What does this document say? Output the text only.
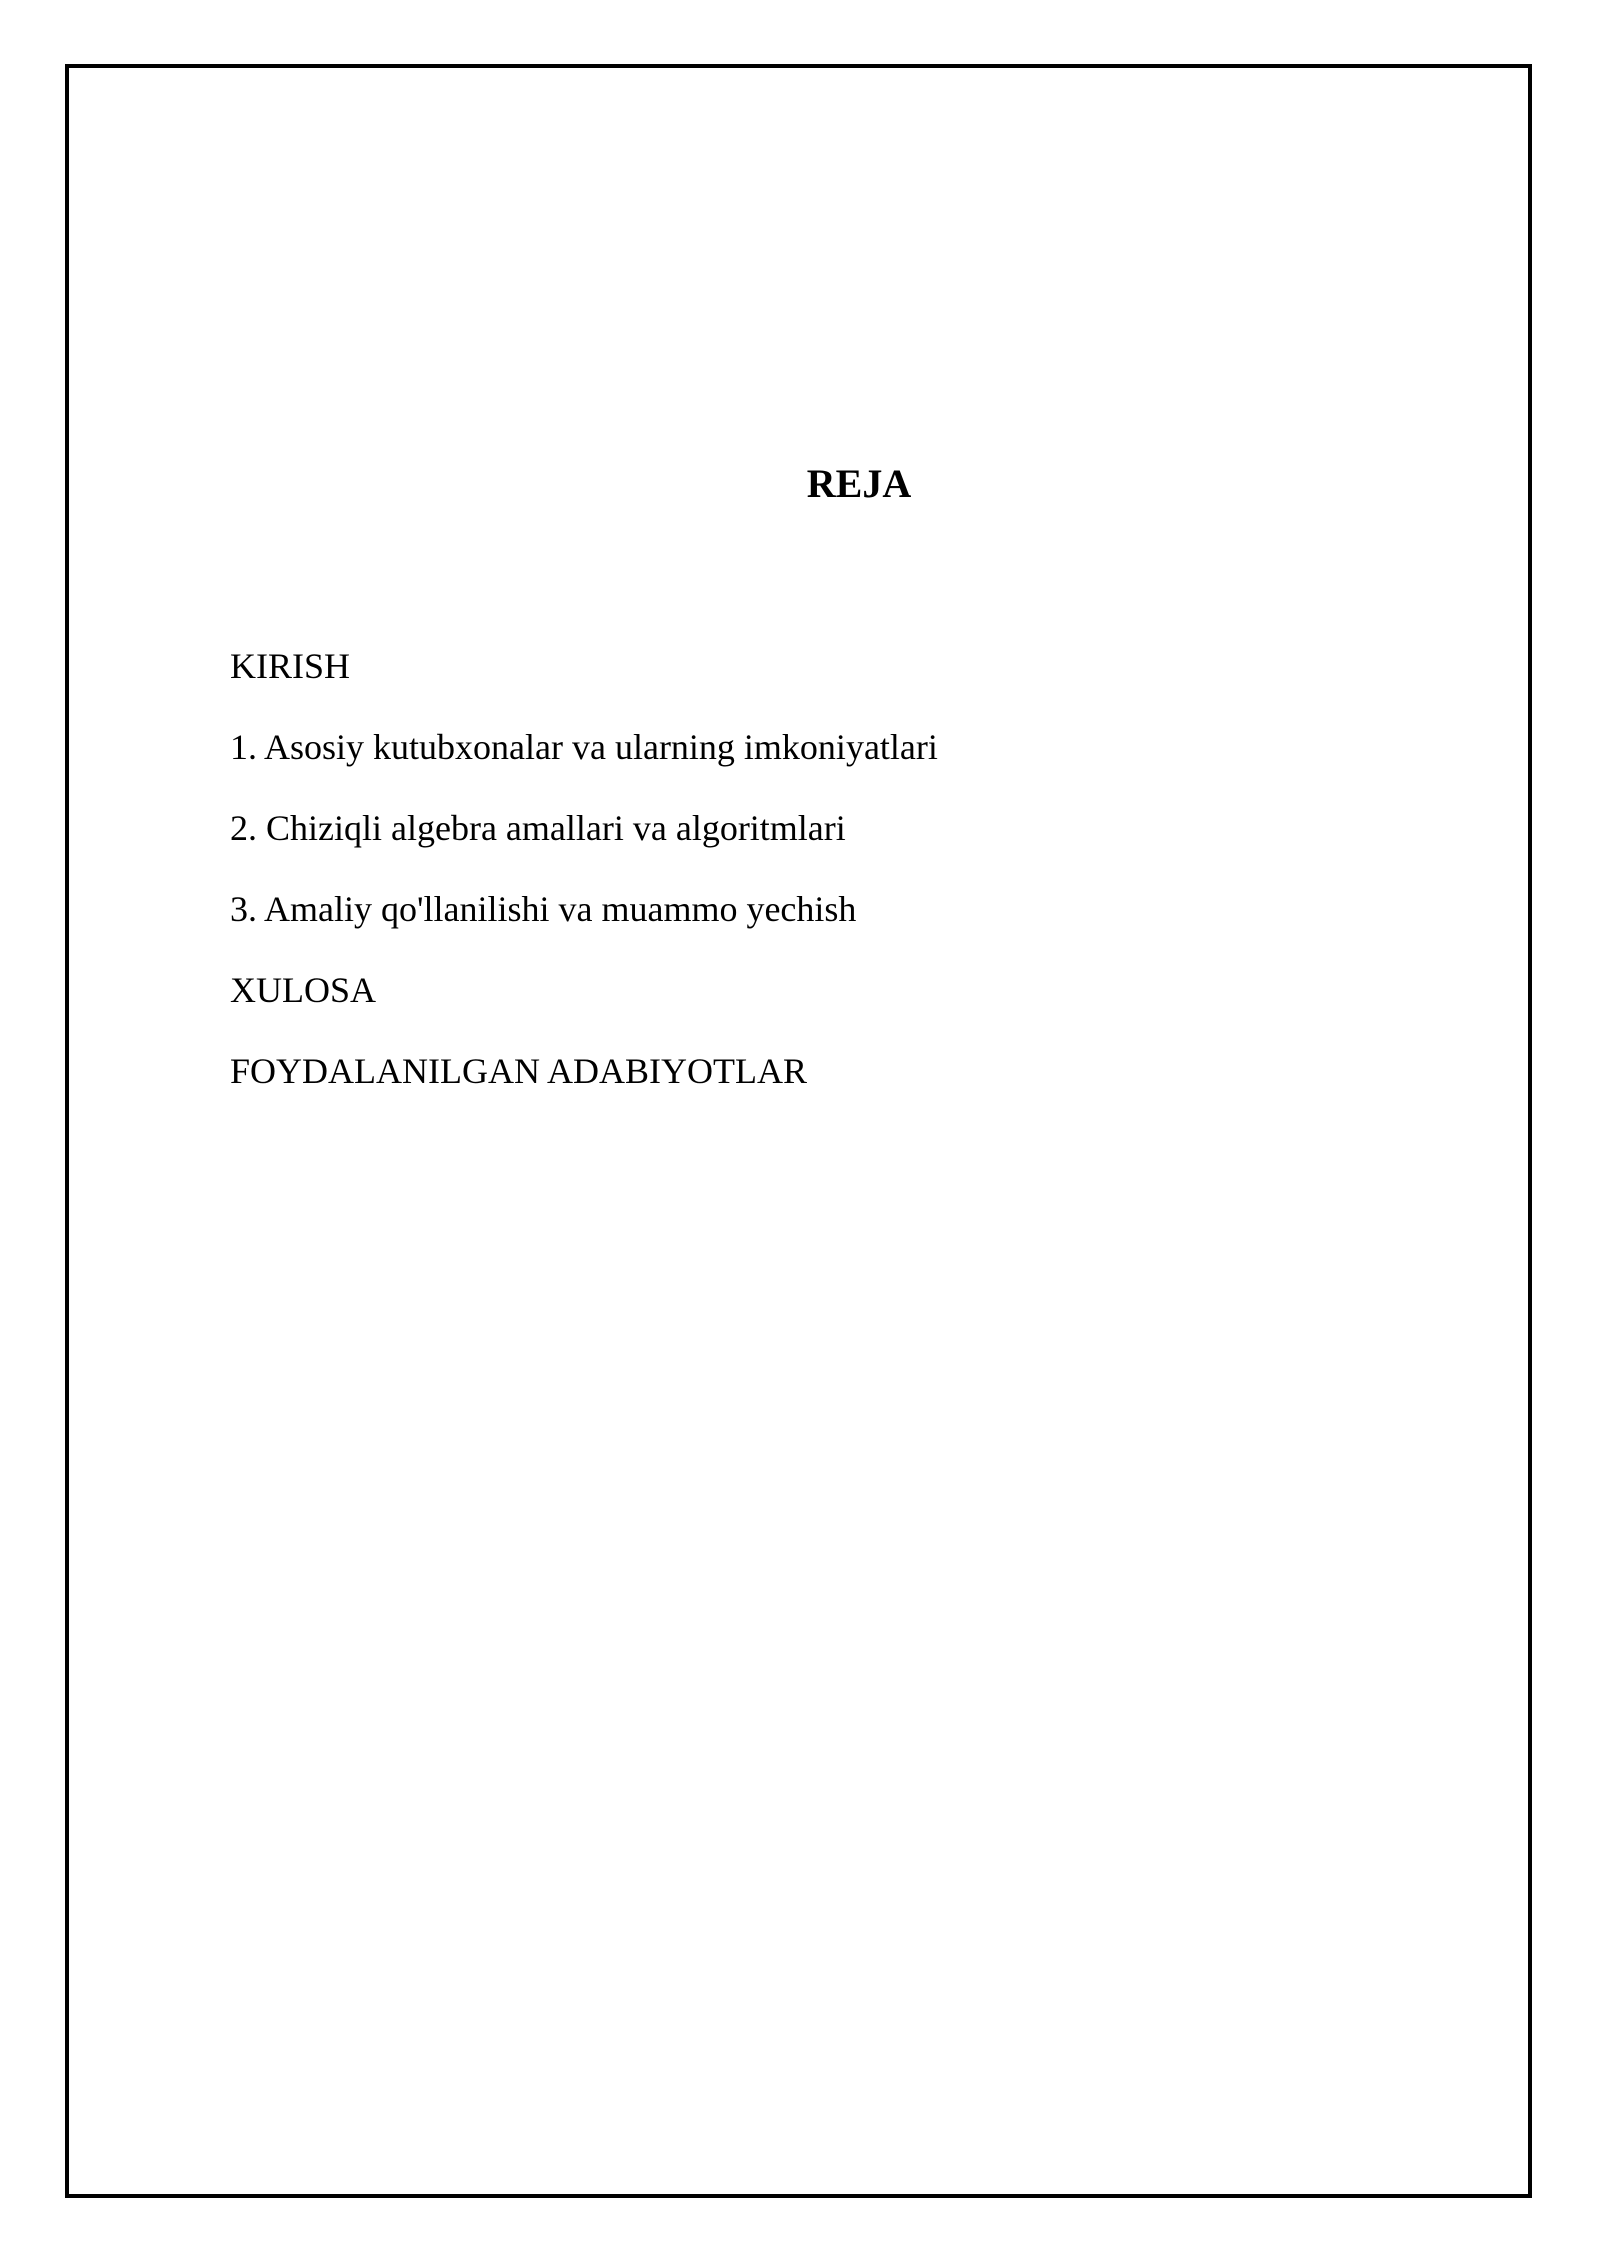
REJA
KIRISH
1. Asosiy kutubxonalar va ularning imkoniyatlari
2. Chiziqli algebra amallari va algoritmlari
3. Amaliy qo'llanilishi va muammo yechish
XULOSA
FOYDALANILGAN ADABIYOTLAR
